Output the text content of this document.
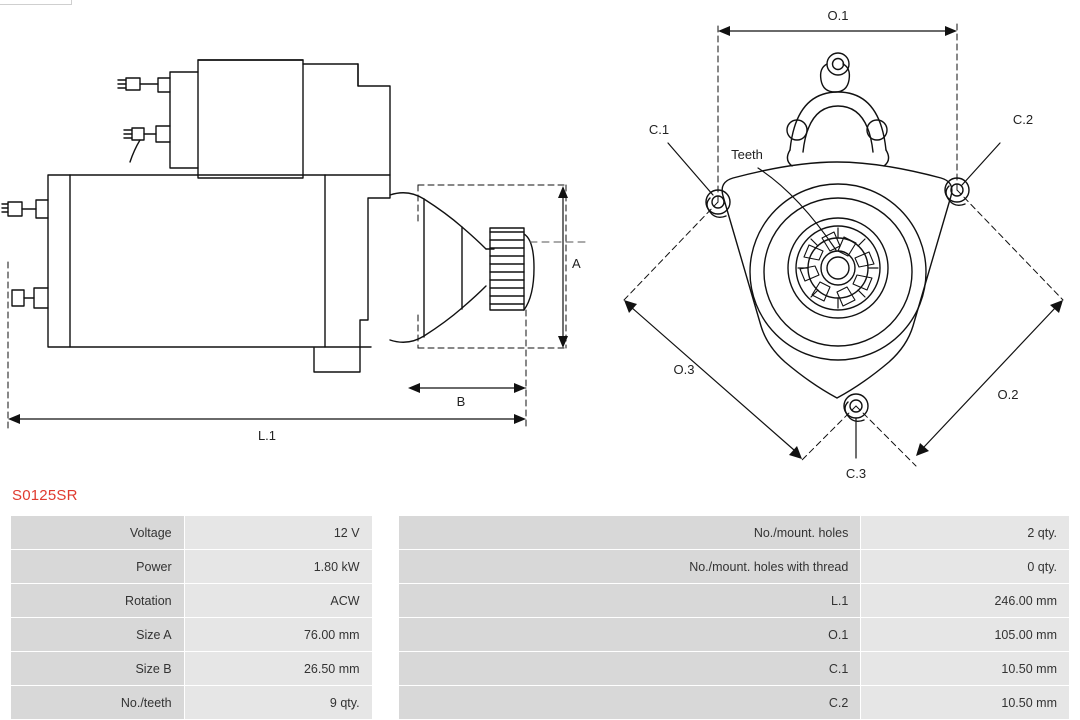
A
B
L.1
O.1
O.2
O.3
C.1
C.2
C.3
Teeth
S0125SR
Voltage	12 V		No./mount. holes	2 qty.
Power	1.80 kW		No./mount. holes with thread	0 qty.
Rotation	ACW		L.1	246.00 mm
Size A	76.00 mm		O.1	105.00 mm
Size B	26.50 mm		C.1	10.50 mm
No./teeth	9 qty.		C.2	10.50 mm
